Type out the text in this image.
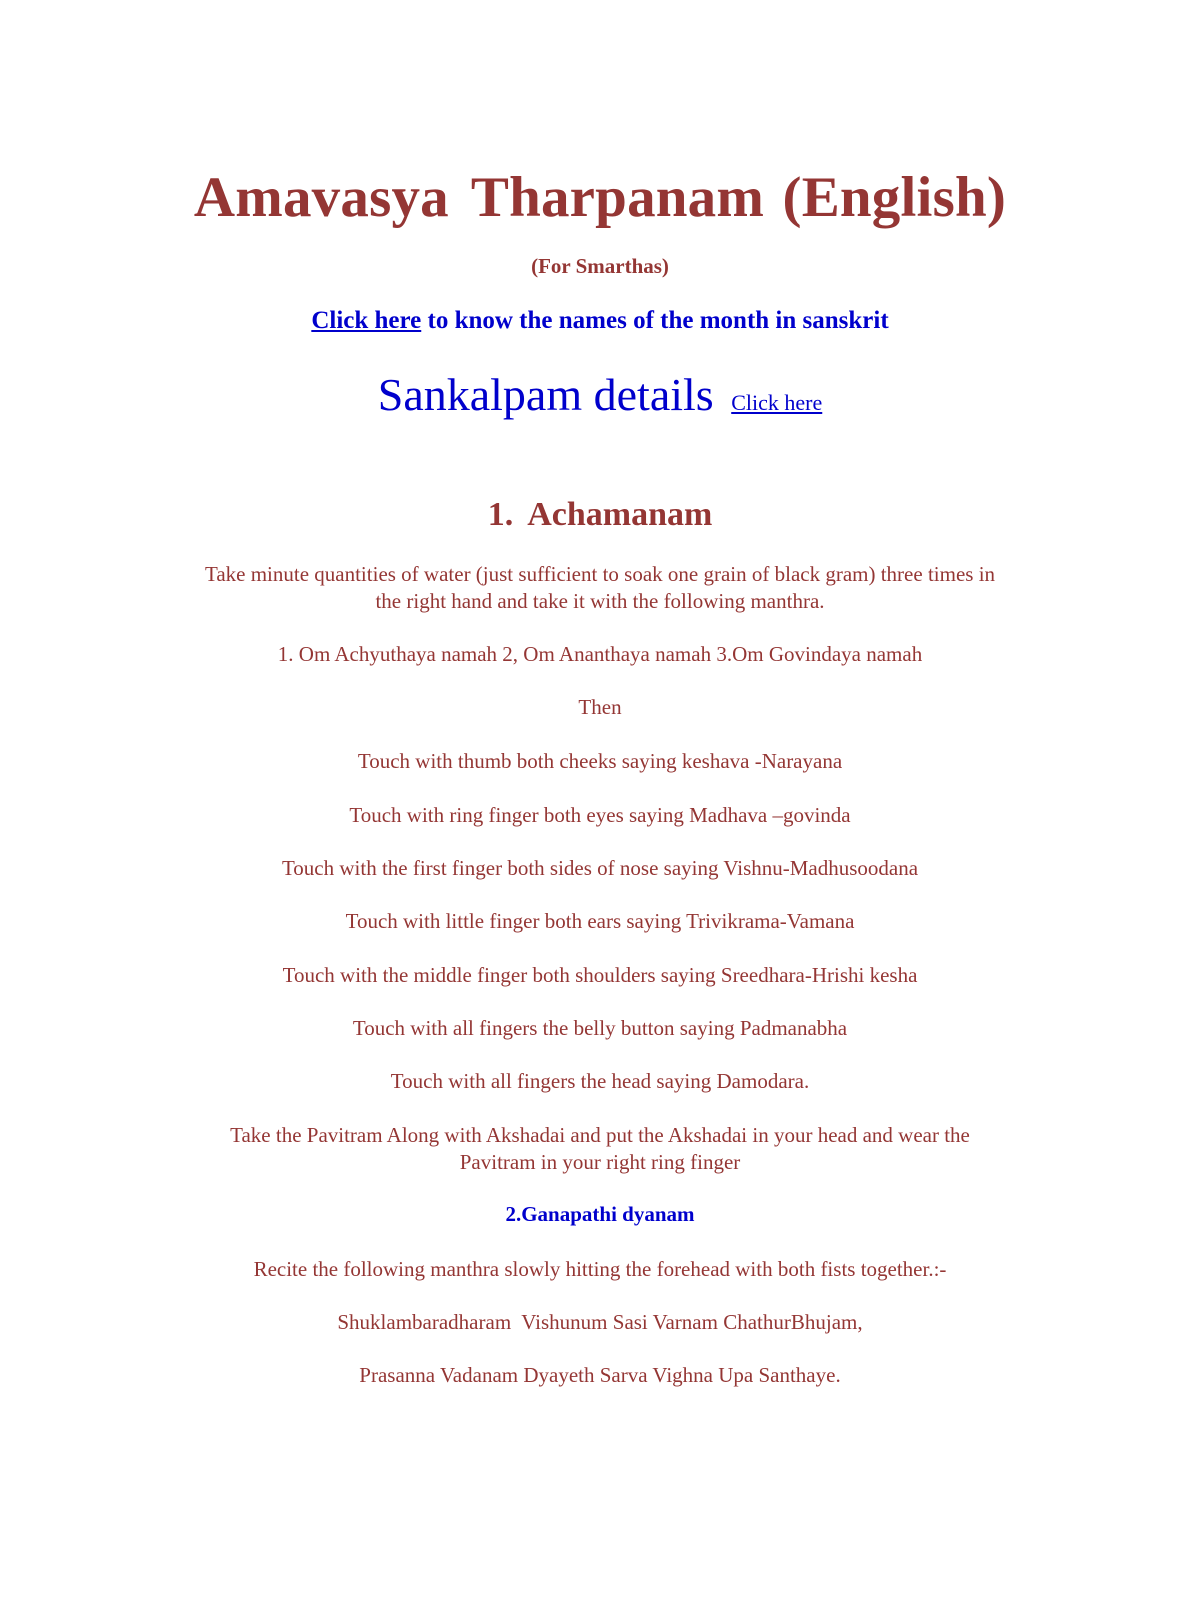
Amavasya Tharpanam (English)
(For Smarthas)
Click here to know the names of the month in sanskrit
Sankalpam details Click here
1. Achamanam
Take minute quantities of water (just sufficient to soak one grain of black gram) three times in
the right hand and take it with the following manthra.
1. Om Achyuthaya namah 2, Om Ananthaya namah 3.Om Govindaya namah
Then
Touch with thumb both cheeks saying keshava -Narayana
Touch with ring finger both eyes saying Madhava –govinda
Touch with the first finger both sides of nose saying Vishnu-Madhusoodana
Touch with little finger both ears saying Trivikrama-Vamana
Touch with the middle finger both shoulders saying Sreedhara-Hrishi kesha
Touch with all fingers the belly button saying Padmanabha
Touch with all fingers the head saying Damodara.
Take the Pavitram Along with Akshadai and put the Akshadai in your head and wear the
Pavitram in your right ring finger
2.Ganapathi dyanam
Recite the following manthra slowly hitting the forehead with both fists together.:-
Shuklambaradharam  Vishunum Sasi Varnam ChathurBhujam,
Prasanna Vadanam Dyayeth Sarva Vighna Upa Santhaye.
